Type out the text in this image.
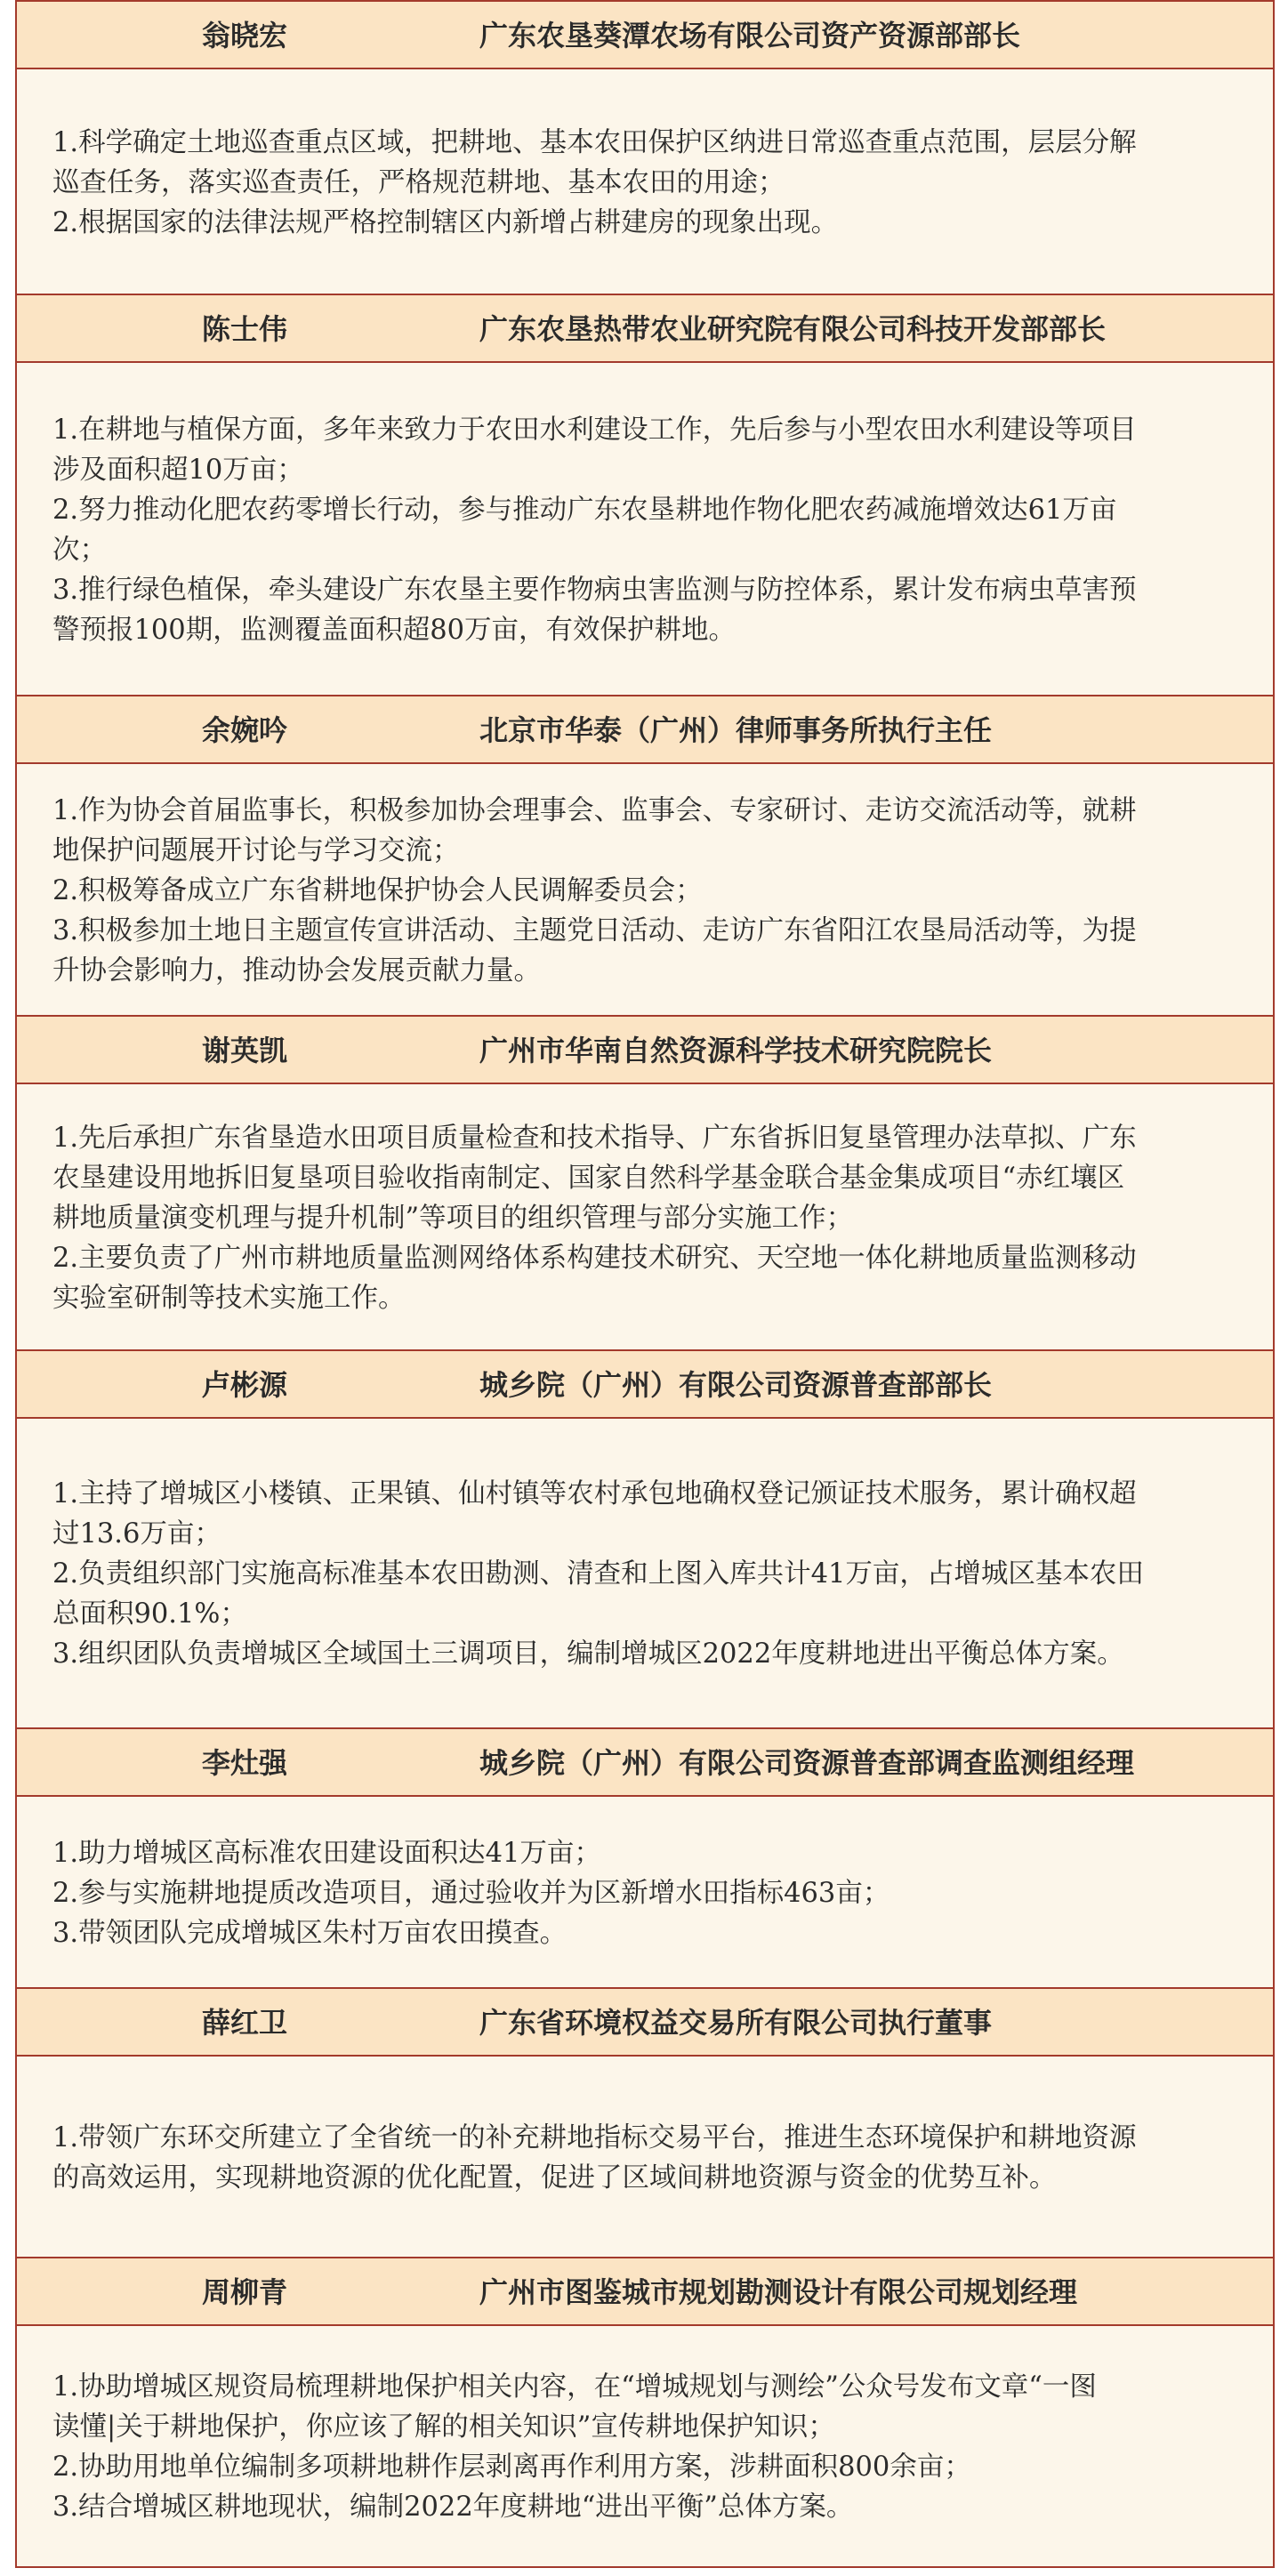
翁晓宏	广东农垦葵潭农场有限公司资产资源部部长
1.科学确定土地巡查重点区域，把耕地、基本农田保护区纳进日常巡查重点范围，层层分解
巡查任务，落实巡查责任，严格规范耕地、基本农田的用途；
2.根据国家的法律法规严格控制辖区内新增占耕建房的现象出现。
陈士伟	广东农垦热带农业研究院有限公司科技开发部部长
1.在耕地与植保方面，多年来致力于农田水利建设工作，先后参与小型农田水利建设等项目
涉及面积超10万亩；
2.努力推动化肥农药零增长行动，参与推动广东农垦耕地作物化肥农药减施增效达61万亩
次；
3.推行绿色植保，牵头建设广东农垦主要作物病虫害监测与防控体系，累计发布病虫草害预
警预报100期，监测覆盖面积超80万亩，有效保护耕地。
余婉吟	北京市华泰（广州）律师事务所执行主任
1.作为协会首届监事长，积极参加协会理事会、监事会、专家研讨、走访交流活动等，就耕
地保护问题展开讨论与学习交流；
2.积极筹备成立广东省耕地保护协会人民调解委员会；
3.积极参加土地日主题宣传宣讲活动、主题党日活动、走访广东省阳江农垦局活动等，为提
升协会影响力，推动协会发展贡献力量。
谢英凯	广州市华南自然资源科学技术研究院院长
1.先后承担广东省垦造水田项目质量检查和技术指导、广东省拆旧复垦管理办法草拟、广东
农垦建设用地拆旧复垦项目验收指南制定、国家自然科学基金联合基金集成项目“赤红壤区
耕地质量演变机理与提升机制”等项目的组织管理与部分实施工作；
2.主要负责了广州市耕地质量监测网络体系构建技术研究、天空地一体化耕地质量监测移动
实验室研制等技术实施工作。
卢彬源	城乡院（广州）有限公司资源普查部部长
1.主持了增城区小楼镇、正果镇、仙村镇等农村承包地确权登记颁证技术服务，累计确权超
过13.6万亩；
2.负责组织部门实施高标准基本农田勘测、清查和上图入库共计41万亩，占增城区基本农田
总面积90.1%；
3.组织团队负责增城区全域国土三调项目，编制增城区2022年度耕地进出平衡总体方案。
李灶强	城乡院（广州）有限公司资源普查部调查监测组经理
1.助力增城区高标准农田建设面积达41万亩；
2.参与实施耕地提质改造项目，通过验收并为区新增水田指标463亩；
3.带领团队完成增城区朱村万亩农田摸查。
薛红卫	广东省环境权益交易所有限公司执行董事
1.带领广东环交所建立了全省统一的补充耕地指标交易平台，推进生态环境保护和耕地资源
的高效运用，实现耕地资源的优化配置，促进了区域间耕地资源与资金的优势互补。
周柳青	广州市图鉴城市规划勘测设计有限公司规划经理
1.协助增城区规资局梳理耕地保护相关内容，在“增城规划与测绘”公众号发布文章“一图
读懂|关于耕地保护，你应该了解的相关知识”宣传耕地保护知识；
2.协助用地单位编制多项耕地耕作层剥离再作利用方案，涉耕面积800余亩；
3.结合增城区耕地现状，编制2022年度耕地“进出平衡”总体方案。
